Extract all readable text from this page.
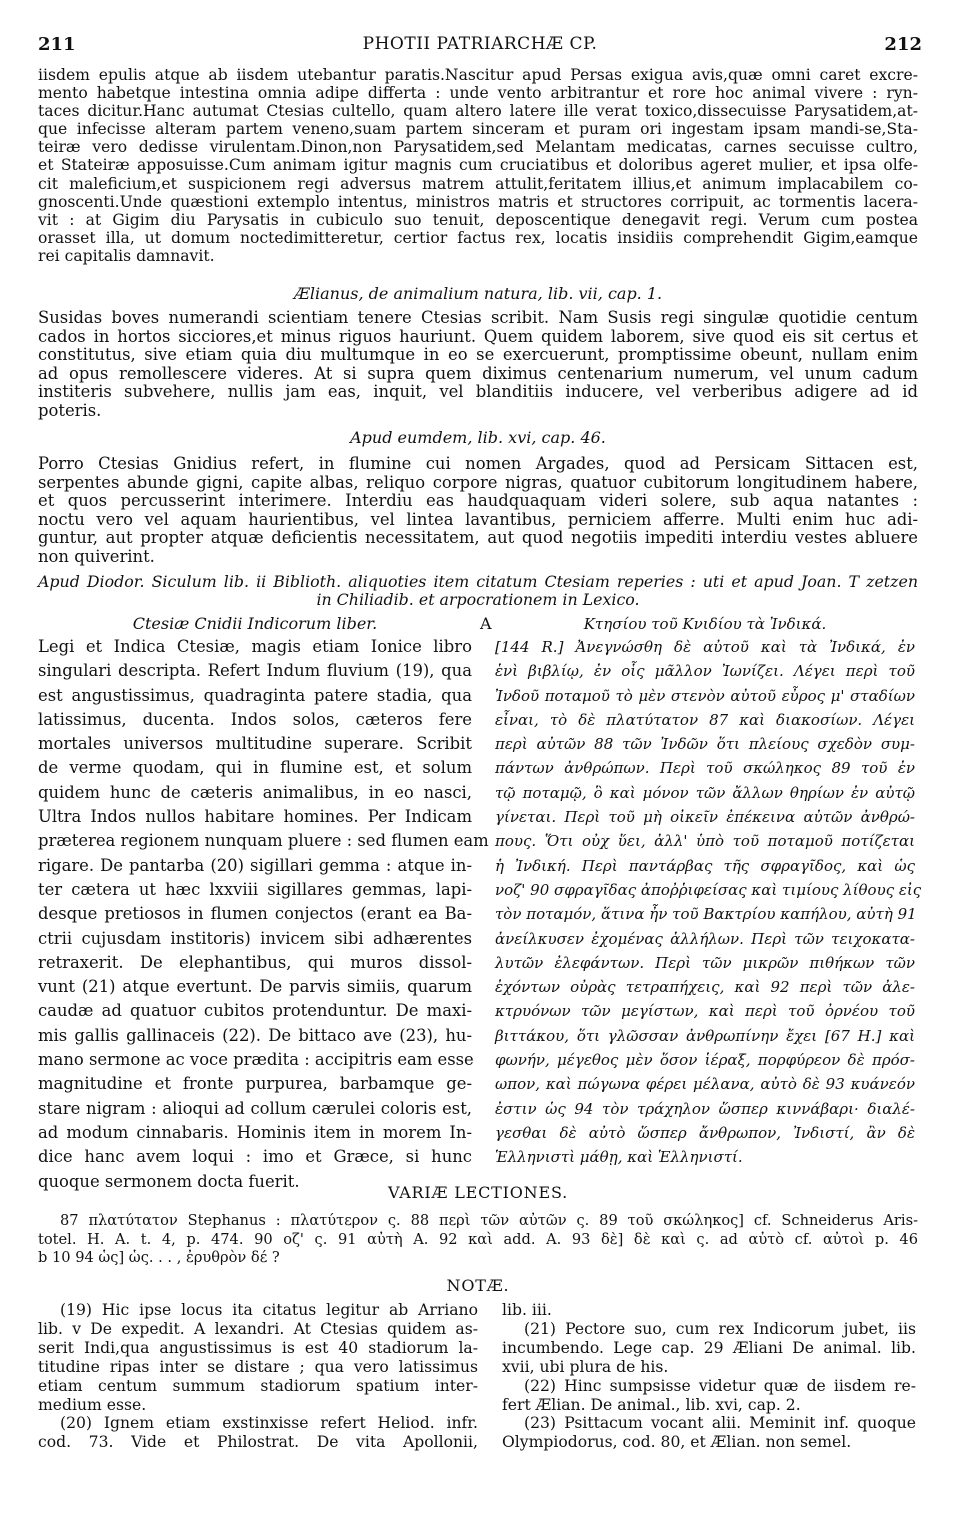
211	PHOTII PATRIARCHÆ CP.	212
iisdem epulis atque ab iisdem utebantur paratis.Nascitur apud Persas exigua avis,quæ omni caret excre-
mento habetque intestina omnia adipe differta : unde vento arbitrantur et rore hoc animal vivere : ryn-
taces dicitur.Hanc autumat Ctesias cultello, quam altero latere ille verat toxico,dissecuisse Parysatidem,at-
que infecisse alteram partem veneno,suam partem sinceram et puram ori ingestam ipsam mandi-se,Sta-
teiræ vero dedisse virulentam.Dinon,non Parysatidem,sed Melantam medicatas, carnes secuisse cultro,
et Stateiræ apposuisse.Cum animam igitur magnis cum cruciatibus et doloribus ageret mulier, et ipsa olfe-
cit maleficium,et suspicionem regi adversus matrem attulit,feritatem illius,et animum implacabilem co-
gnoscenti.Unde quæstioni extemplo intentus, ministros matris et structores corripuit, ac tormentis lacera-
vit : at Gigim diu Parysatis in cubiculo suo tenuit, deposcentique denegavit regi. Verum cum postea
orasset illa, ut domum noctedimitteretur, certior factus rex, locatis insidiis comprehendit Gigim,eamque
rei capitalis damnavit.
Ælianus, de animalium natura, lib. vii, cap. 1.
Susidas boves numerandi scientiam tenere Ctesias scribit. Nam Susis regi singulæ quotidie centum
cados in hortos sicciores,et minus riguos hauriunt. Quem quidem laborem, sive quod eis sit certus et
constitutus, sive etiam quia diu multumque in eo se exercuerunt, promptissime obeunt, nullam enim
ad opus remollescere videres. At si supra quem diximus centenarium numerum, vel unum cadum
institeris subvehere, nullis jam eas, inquit, vel blanditiis inducere, vel verberibus adigere ad id
poteris.
Apud eumdem, lib. xvi, cap. 46.
Porro Ctesias Gnidius refert, in flumine cui nomen Argades, quod ad Persicam Sittacen est,
serpentes abunde gigni, capite albas, reliquo corpore nigras, quatuor cubitorum longitudinem habere,
et quos percusserint interimere. Interdiu eas haudquaquam videri solere, sub aqua natantes :
noctu vero vel aquam haurientibus, vel lintea lavantibus, perniciem afferre. Multi enim huc adi-
guntur, aut propter atquæ deficientis necessitatem, aut quod negotiis impediti interdiu vestes abluere
non quiverint.
Apud Diodor. Siculum lib. ii Biblioth. aliquoties item citatum Ctesiam reperies : uti et apud Joan. T zetzen
in Chiliadib. et arpocrationem in Lexico.
Ctesiæ Cnidii Indicorum liber.
Legi et Indica Ctesiæ, magis etiam Ionice libro
singulari descripta. Refert Indum fluvium (19), qua
est angustissimus, quadraginta patere stadia, qua
latissimus, ducenta. Indos solos, cæteros fere
mortales universos multitudine superare. Scribit
de verme quodam, qui in flumine est, et solum
quidem hunc de cæteris animalibus, in eo nasci,
Ultra Indos nullos habitare homines. Per Indicam
præterea regionem nunquam pluere : sed flumen eam
rigare. De pantarba (20) sigillari gemma : atque in-
ter cætera ut hæc lxxviii sigillares gemmas, lapi-
desque pretiosos in flumen conjectos (erant ea Ba-
ctrii cujusdam institoris) invicem sibi adhærentes
retraxerit. De elephantibus, qui muros dissol-
vunt (21) atque evertunt. De parvis simiis, quarum
caudæ ad quatuor cubitos protenduntur. De maxi-
mis gallis gallinaceis (22). De bittaco ave (23), hu-
mano sermone ac voce prædita : accipitris eam esse
magnitudine et fronte purpurea, barbamque ge-
stare nigram : alioqui ad collum cærulei coloris est,
ad modum cinnabaris. Hominis item in morem In-
dice hanc avem loqui : imo et Græce, si hunc
quoque sermonem docta fuerit.
A	Κτησίου τοῦ Κνιδίου τὰ Ἰνδικά.
[144 R.] Ἀνεγνώσθη δὲ αὐτοῦ καὶ τὰ Ἰνδικά, ἐν
ἑνὶ βιβλίῳ, ἐν οἷς μᾶλλον Ἰωνίζει. Λέγει περὶ τοῦ
Ἰνδοῦ ποταμοῦ τὸ μὲν στενὸν αὐτοῦ εὖρος μ' σταδίων
εἶναι, τὸ δὲ πλατύτατον 87 καὶ διακοσίων. Λέγει
περὶ αὐτῶν 88 τῶν Ἰνδῶν ὅτι πλείους σχεδὸν συμ-
πάντων ἀνθρώπων. Περὶ τοῦ σκώληκος 89 τοῦ ἐν
τῷ ποταμῷ, ὃ καὶ μόνον τῶν ἄλλων θηρίων ἐν αὐτῷ
γίνεται. Περὶ τοῦ μὴ οἰκεῖν ἐπέκεινα αὐτῶν ἀνθρώ-
πους. Ὅτι οὐχ ὕει, ἀλλ' ὑπὸ τοῦ ποταμοῦ ποτίζεται
ἡ Ἰνδική. Περὶ παντάρβας τῆς σφραγῖδος, καὶ ὡς
νοζ' 90 σφραγῖδας ἀποῤῥιφείσας καὶ τιμίους λίθους εἰς
τὸν ποταμόν, ἅτινα ἦν τοῦ Βακτρίου καπήλου, αὐτὴ 91
ἀνείλκυσεν ἐχομένας ἀλλήλων. Περὶ τῶν τειχοκατα-
λυτῶν ἐλεφάντων. Περὶ τῶν μικρῶν πιθήκων τῶν
ἐχόντων οὐρὰς τετραπήχεις, καὶ 92 περὶ τῶν ἀλε-
κτρυόνων τῶν μεγίστων, καὶ περὶ τοῦ ὀρνέου τοῦ
βιττάκου, ὅτι γλῶσσαν ἀνθρωπίνην ἔχει [67 H.] καὶ
φωνήν, μέγεθος μὲν ὅσον ἱέραξ, πορφύρεον δὲ πρόσ-
ωπον, καὶ πώγωνα φέρει μέλανα, αὐτὸ δὲ 93 κυάνεόν
ἐστιν ὡς 94 τὸν τράχηλον ὥσπερ κιννάβαρι· διαλέ-
γεσθαι δὲ αὐτὸ ὥσπερ ἄνθρωπον, Ἰνδιστί, ἂν δὲ
Ἑλληνιστὶ μάθῃ, καὶ Ἑλληνιστί.
VARIÆ LECTIONES.
87 πλατύτατον Stephanus : πλατύτερον ς. 88 περὶ τῶν αὐτῶν ς. 89 τοῦ σκώληκος] cf. Schneiderus Aris-
totel. H. A. t. 4, p. 474. 90 οζ' ς. 91 αὐτὴ A. 92 καὶ add. A. 93 δὲ] δὲ καὶ ς. ad αὐτὸ cf. αὐτοὶ p. 46
b 10 94 ὡς] ὡς. . . , ἐρυθρὸν δέ ?
NOTÆ.
(19) Hic ipse locus ita citatus legitur ab Arriano
lib. v De expedit. A lexandri. At Ctesias quidem as-
serit Indi,qua angustissimus is est 40 stadiorum la-
titudine ripas inter se distare ; qua vero latissimus
etiam centum summum stadiorum spatium inter-
medium esse.
(20) Ignem etiam exstinxisse refert Heliod. infr.
cod. 73. Vide et Philostrat. De vita Apollonii,
lib. iii.
(21) Pectore suo, cum rex Indicorum jubet, iis
incumbendo. Lege cap. 29 Æliani De animal. lib.
xvii, ubi plura de his.
(22) Hinc sumpsisse videtur quæ de iisdem re-
fert Ælian. De animal., lib. xvi, cap. 2.
(23) Psittacum vocant alii. Meminit inf. quoque
Olympiodorus, cod. 80, et Ælian. non semel.
